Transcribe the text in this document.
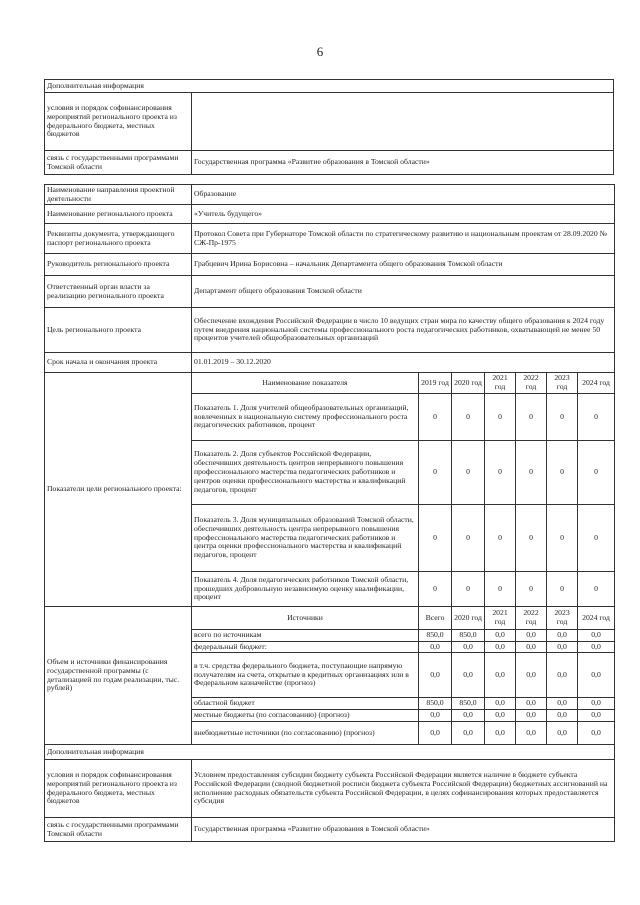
6
Дополнительная информация	
условия и порядок софинансирования мероприятий регионального проекта из федерального бюджета, местных бюджетов	
связь с государственными программами Томской области	Государственная программа «Развитие образования в Томской области»
Наименование направления проектной деятельности	Образование						
Наименование регионального проекта	«Учитель будущего»						
Реквизиты документа, утверждающего паспорт регионального проекта	Протокол Совета при Губернаторе Томской области по стратегическому развитию и национальным проектам от 28.09.2020 № СЖ-Пр-1975						
Руководитель регионального проекта	Грабцевич Ирина Борисовна – начальник Департамента общего образования Томской области						
Ответственный орган власти за реализацию регионального проекта	Департамент общего образования Томской области						
Цель регионального проекта	Обеспечение вхождения Российской Федерации в число 10 ведущих стран мира по качеству общего образования к 2024 году путем внедрения национальной системы профессионального роста педагогических работников, охватывающей не менее 50 процентов учителей общеобразовательных организаций						
Срок начала и окончания проекта	01.01.2019 – 30.12.2020						
Показатели цели регионального проекта:	Наименование показателя	2019 год	2020 год	2021 год	2022 год	2023 год	2024 год
	Показатель 1. Доля учителей общеобразовательных организаций, вовлеченных в национальную систему профессионального роста педагогических работников, процент	0	0	0	0	0	0
	Показатель 2. Доля субъектов Российской Федерации, обеспечивших деятельность центров непрерывного повышения профессионального мастерства педагогических работников и центров оценки профессионального мастерства и квалификаций педагогов, процент	0	0	0	0	0	0
	Показатель 3. Доля муниципальных образований Томской области, обеспечивших деятельность центра непрерывного повышения профессионального мастерства педагогических работников и центра оценки профессионального мастерства и квалификаций педагогов, процент	0	0	0	0	0	0
	Показатель 4. Доля педагогических работников Томской области, прошедших добровольную независимую оценку квалификации, процент	0	0	0	0	0	0
Объем и источники финансирования государственной программы (с детализацией по годам реализации, тыс. рублей)	Источники	Всего	2020 год	2021 год	2022 год	2023 год	2024 год
	всего по источникам	850,0	850,0	0,0	0,0	0,0	0,0
	федеральный бюджет:	0,0	0,0	0,0	0,0	0,0	0,0
	в т.ч. средства федерального бюджета, поступающие напрямую получателям на счета, открытые в кредитных организациях или в Федеральном казначействе (прогноз)	0,0	0,0	0,0	0,0	0,0	0,0
	областной бюджет	850,0	850,0	0,0	0,0	0,0	0,0
	местные бюджеты (по согласованию) (прогноз)	0,0	0,0	0,0	0,0	0,0	0,0
	внебюджетные источники (по согласованию) (прогноз)	0,0	0,0	0,0	0,0	0,0	0,0
Дополнительная информация							
условия и порядок софинансирования мероприятий регионального проекта из федерального бюджета, местных бюджетов	Условием предоставления субсидии бюджету субъекта Российской Федерации является наличие в бюджете субъекта Российской Федерации (сводной бюджетной росписи бюджета субъекта Российской Федерации) бюджетных ассигнований на исполнение расходных обязательств субъекта Российской Федерации, в целях софинансирования которых предоставляется субсидия						
связь с государственными программами Томской области	Государственная программа «Развитие образования в Томской области»						
